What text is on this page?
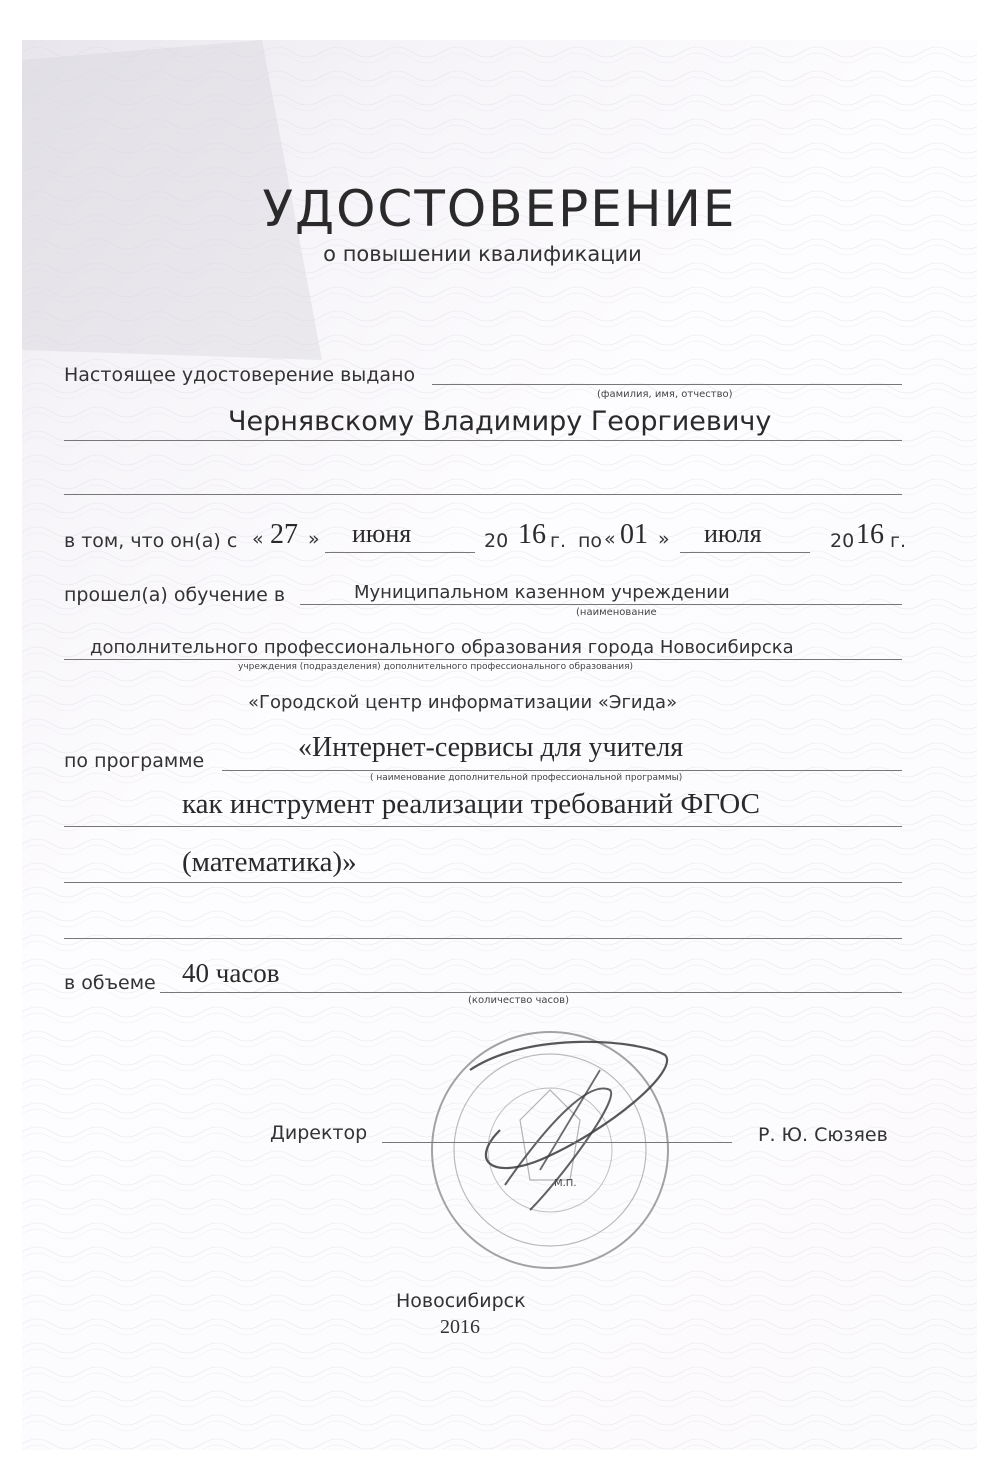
УДОСТОВЕРЕНИЕ
о повышении квалификации
Настоящее удостоверение выдано
(фамилия, имя, отчество)
Чернявскому Владимиру Георгиевичу
в том, что он(а) с « 27 » июня	20 16 г. по « 01 » июля	20 16 г.
прошел(а) обучение в	Муниципальном казенном учреждении
(наименование
дополнительного профессионального образования города Новосибирска
учреждения (подразделения) дополнительного профессионального образования)
«Городской центр информатизации «Эгида»
по программе	«Интернет-сервисы для учителя
( наименование дополнительной профессиональной программы)
как инструмент реализации требований ФГОС
(математика)»
в объеме 40 часов
(количество часов)
М.П.
Директор	Р. Ю. Сюзяев
Новосибирск
2016
